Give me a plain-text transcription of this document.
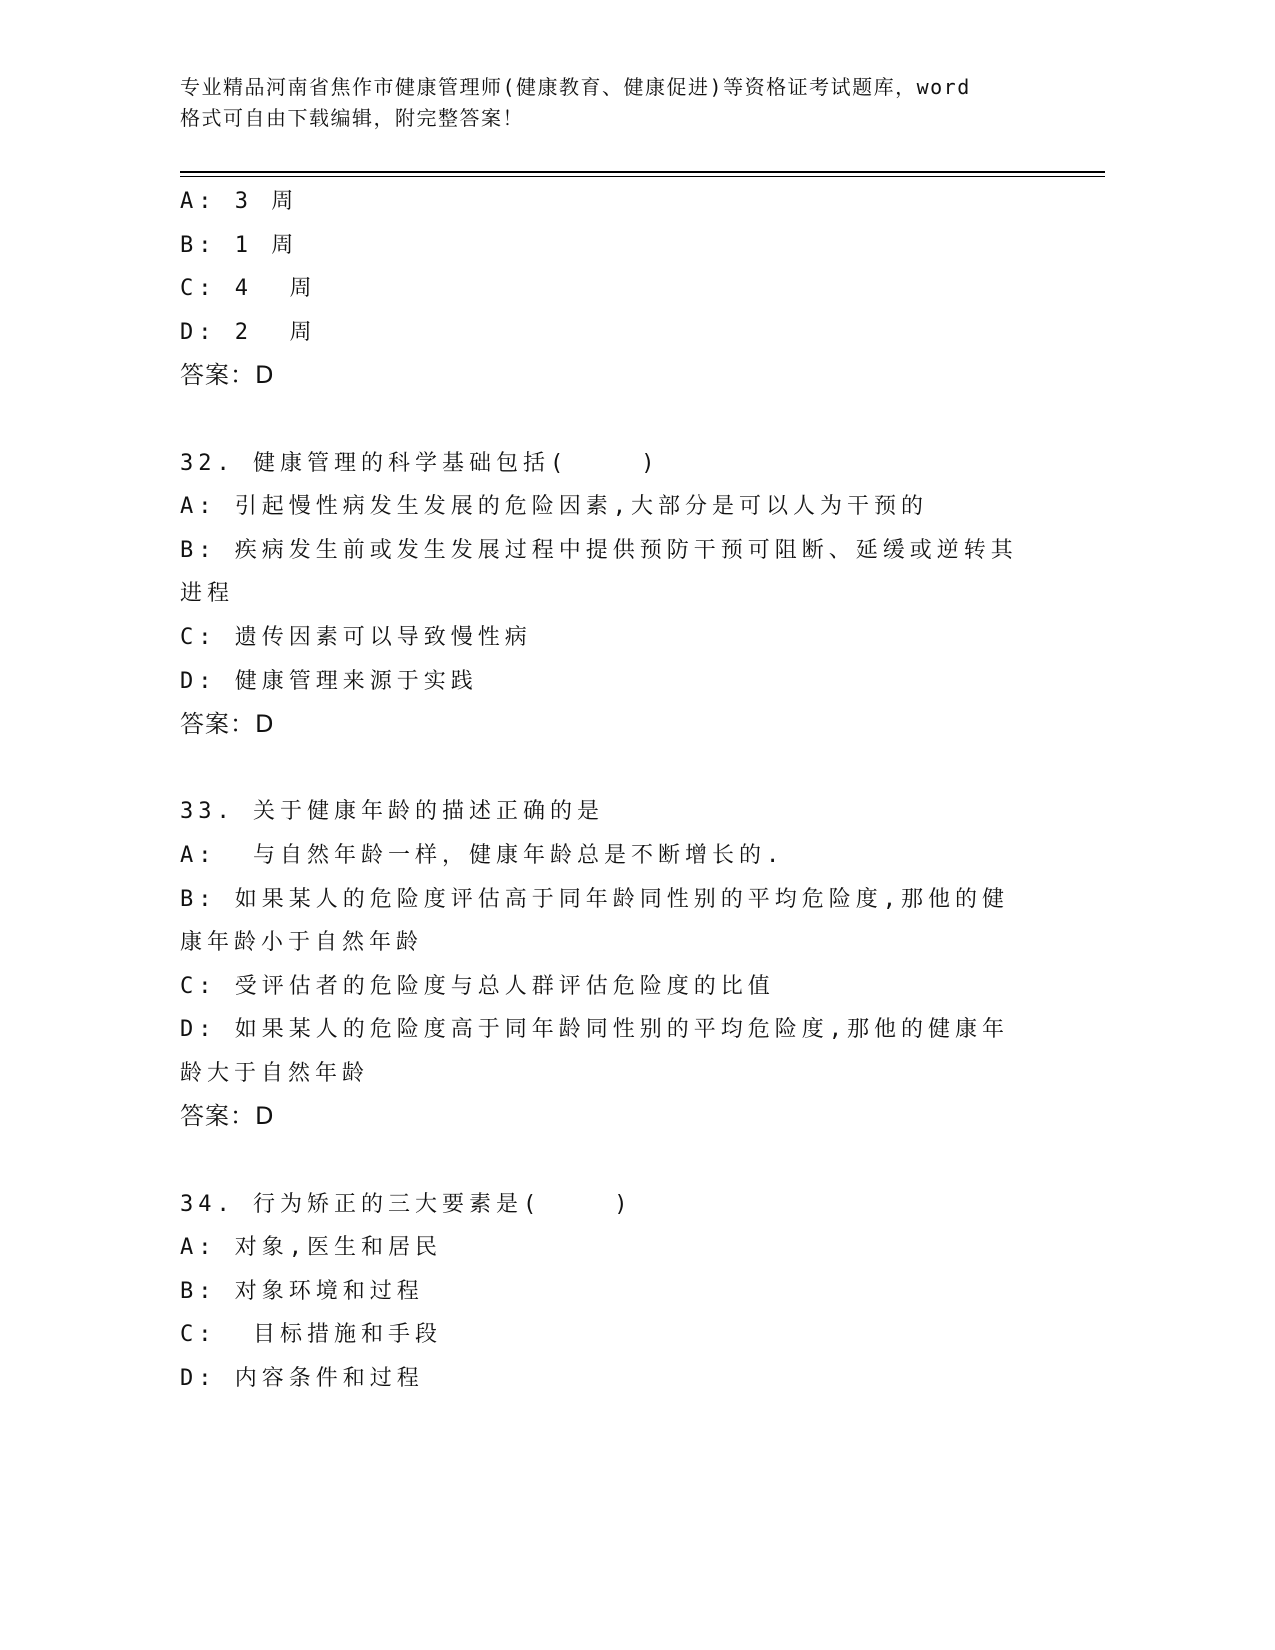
专业精品河南省焦作市健康管理师(健康教育、健康促进)等资格证考试题库，word
格式可自由下载编辑，附完整答案！
A: 3 周
B: 1 周
C: 4  周
D: 2  周
答案：D
32. 健康管理的科学基础包括(    )
A: 引起慢性病发生发展的危险因素,大部分是可以人为干预的
B: 疾病发生前或发生发展过程中提供预防干预可阻断、延缓或逆转其
进程
C: 遗传因素可以导致慢性病
D: 健康管理来源于实践
答案：D
33. 关于健康年龄的描述正确的是
A:  与自然年龄一样，健康年龄总是不断增长的.
B: 如果某人的危险度评估高于同年龄同性别的平均危险度,那他的健
康年龄小于自然年龄
C: 受评估者的危险度与总人群评估危险度的比值
D: 如果某人的危险度高于同年龄同性别的平均危险度,那他的健康年
龄大于自然年龄
答案：D
34. 行为矫正的三大要素是(    )
A: 对象,医生和居民
B: 对象环境和过程
C:  目标措施和手段
D: 内容条件和过程
